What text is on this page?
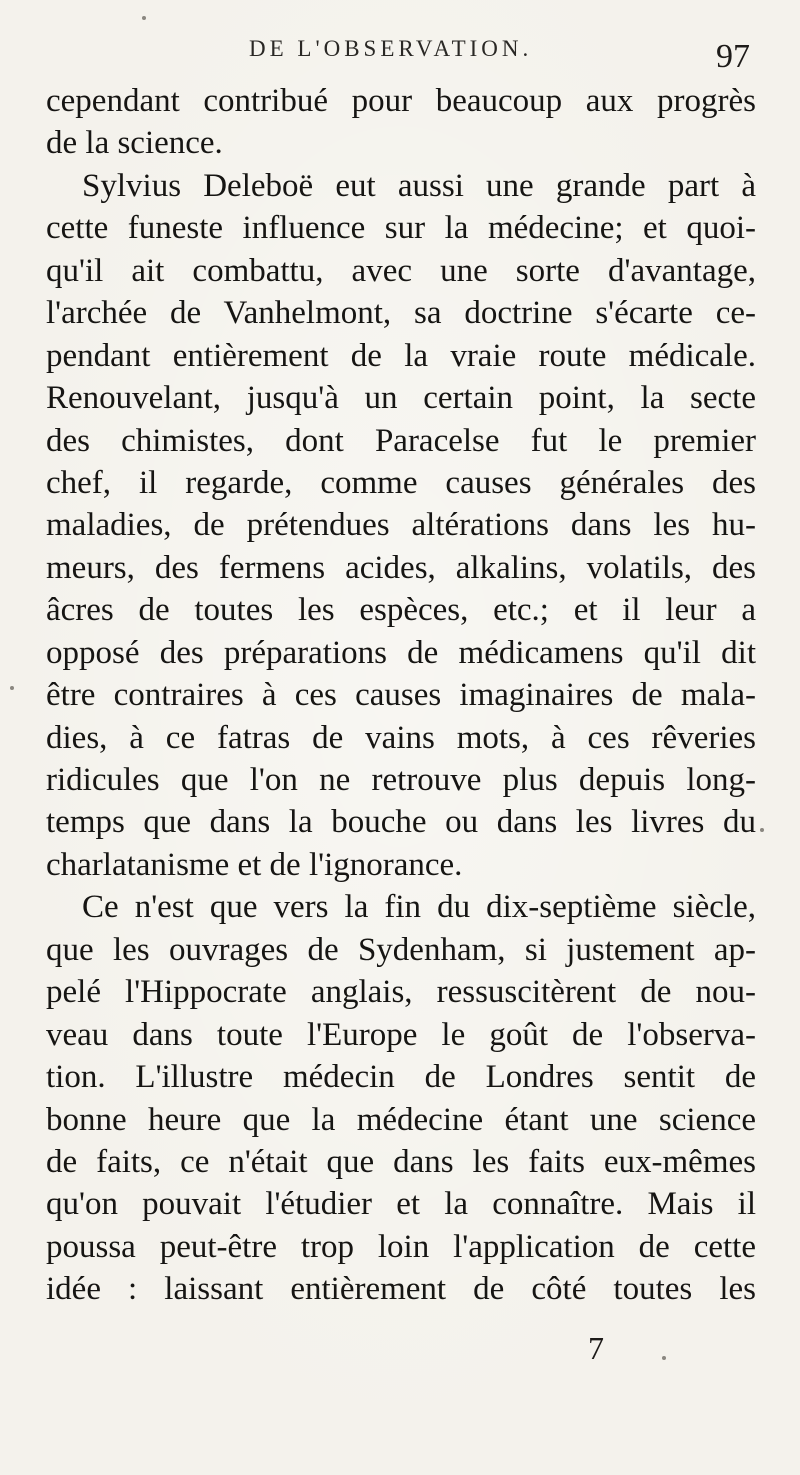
DE L'OBSERVATION.	97
cependant contribué pour beaucoup aux progrès
de la science.
Sylvius Deleboë eut aussi une grande part à
cette funeste influence sur la médecine; et quoi-
qu'il ait combattu, avec une sorte d'avantage,
l'archée de Vanhelmont, sa doctrine s'écarte ce-
pendant entièrement de la vraie route médicale.
Renouvelant, jusqu'à un certain point, la secte
des chimistes, dont Paracelse fut le premier
chef, il regarde, comme causes générales des
maladies, de prétendues altérations dans les hu-
meurs, des fermens acides, alkalins, volatils, des
âcres de toutes les espèces, etc.; et il leur a
opposé des préparations de médicamens qu'il dit
être contraires à ces causes imaginaires de mala-
dies, à ce fatras de vains mots, à ces rêveries
ridicules que l'on ne retrouve plus depuis long-
temps que dans la bouche ou dans les livres du
charlatanisme et de l'ignorance.
Ce n'est que vers la fin du dix-septième siècle,
que les ouvrages de Sydenham, si justement ap-
pelé l'Hippocrate anglais, ressuscitèrent de nou-
veau dans toute l'Europe le goût de l'observa-
tion. L'illustre médecin de Londres sentit de
bonne heure que la médecine étant une science
de faits, ce n'était que dans les faits eux-mêmes
qu'on pouvait l'étudier et la connaître. Mais il
poussa peut-être trop loin l'application de cette
idée : laissant entièrement de côté toutes les
7
